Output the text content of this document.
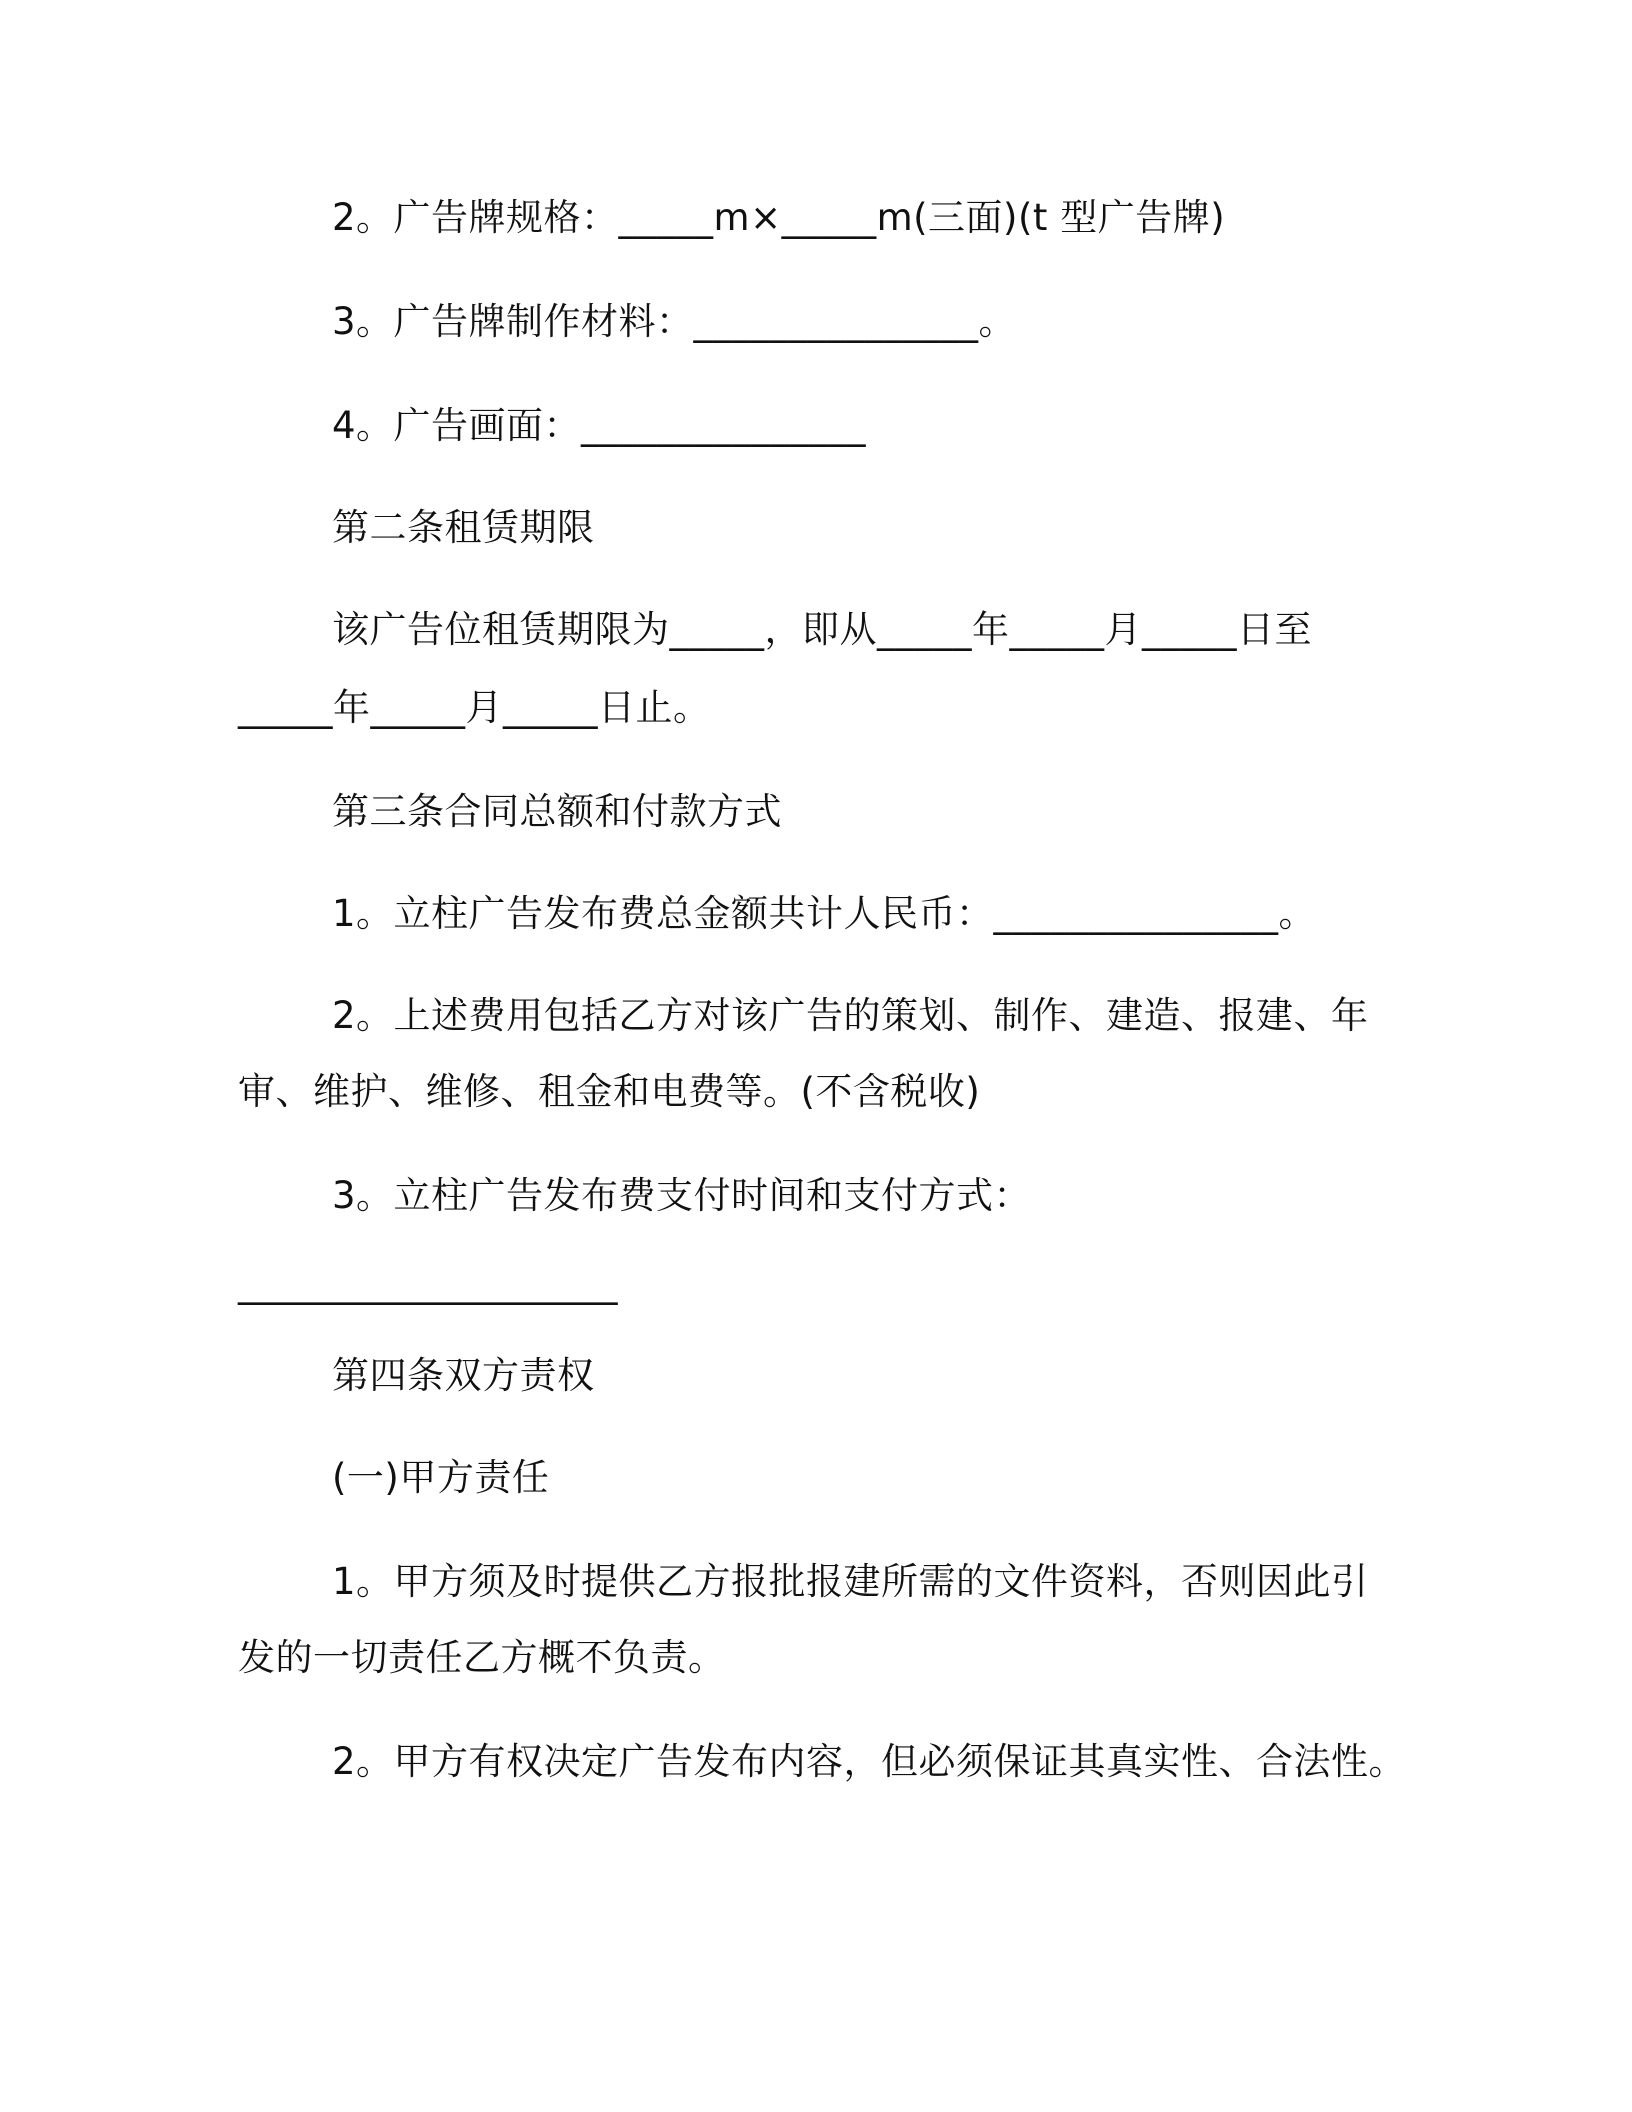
2。广告牌规格：_____m×_____m(三面)(t 型广告牌)
3。广告牌制作材料：_______________。
4。广告画面：_______________
第二条租赁期限
该广告位租赁期限为_____，即从_____年_____月_____日至
_____年_____月_____日止。
第三条合同总额和付款方式
1。立柱广告发布费总金额共计人民币：_______________。
2。上述费用包括乙方对该广告的策划、制作、建造、报建、年
审、维护、维修、租金和电费等。(不含税收)
3。立柱广告发布费支付时间和支付方式：
____________________
第四条双方责权
(一)甲方责任
1。甲方须及时提供乙方报批报建所需的文件资料，否则因此引
发的一切责任乙方概不负责。
2。甲方有权决定广告发布内容，但必须保证其真实性、合法性。
